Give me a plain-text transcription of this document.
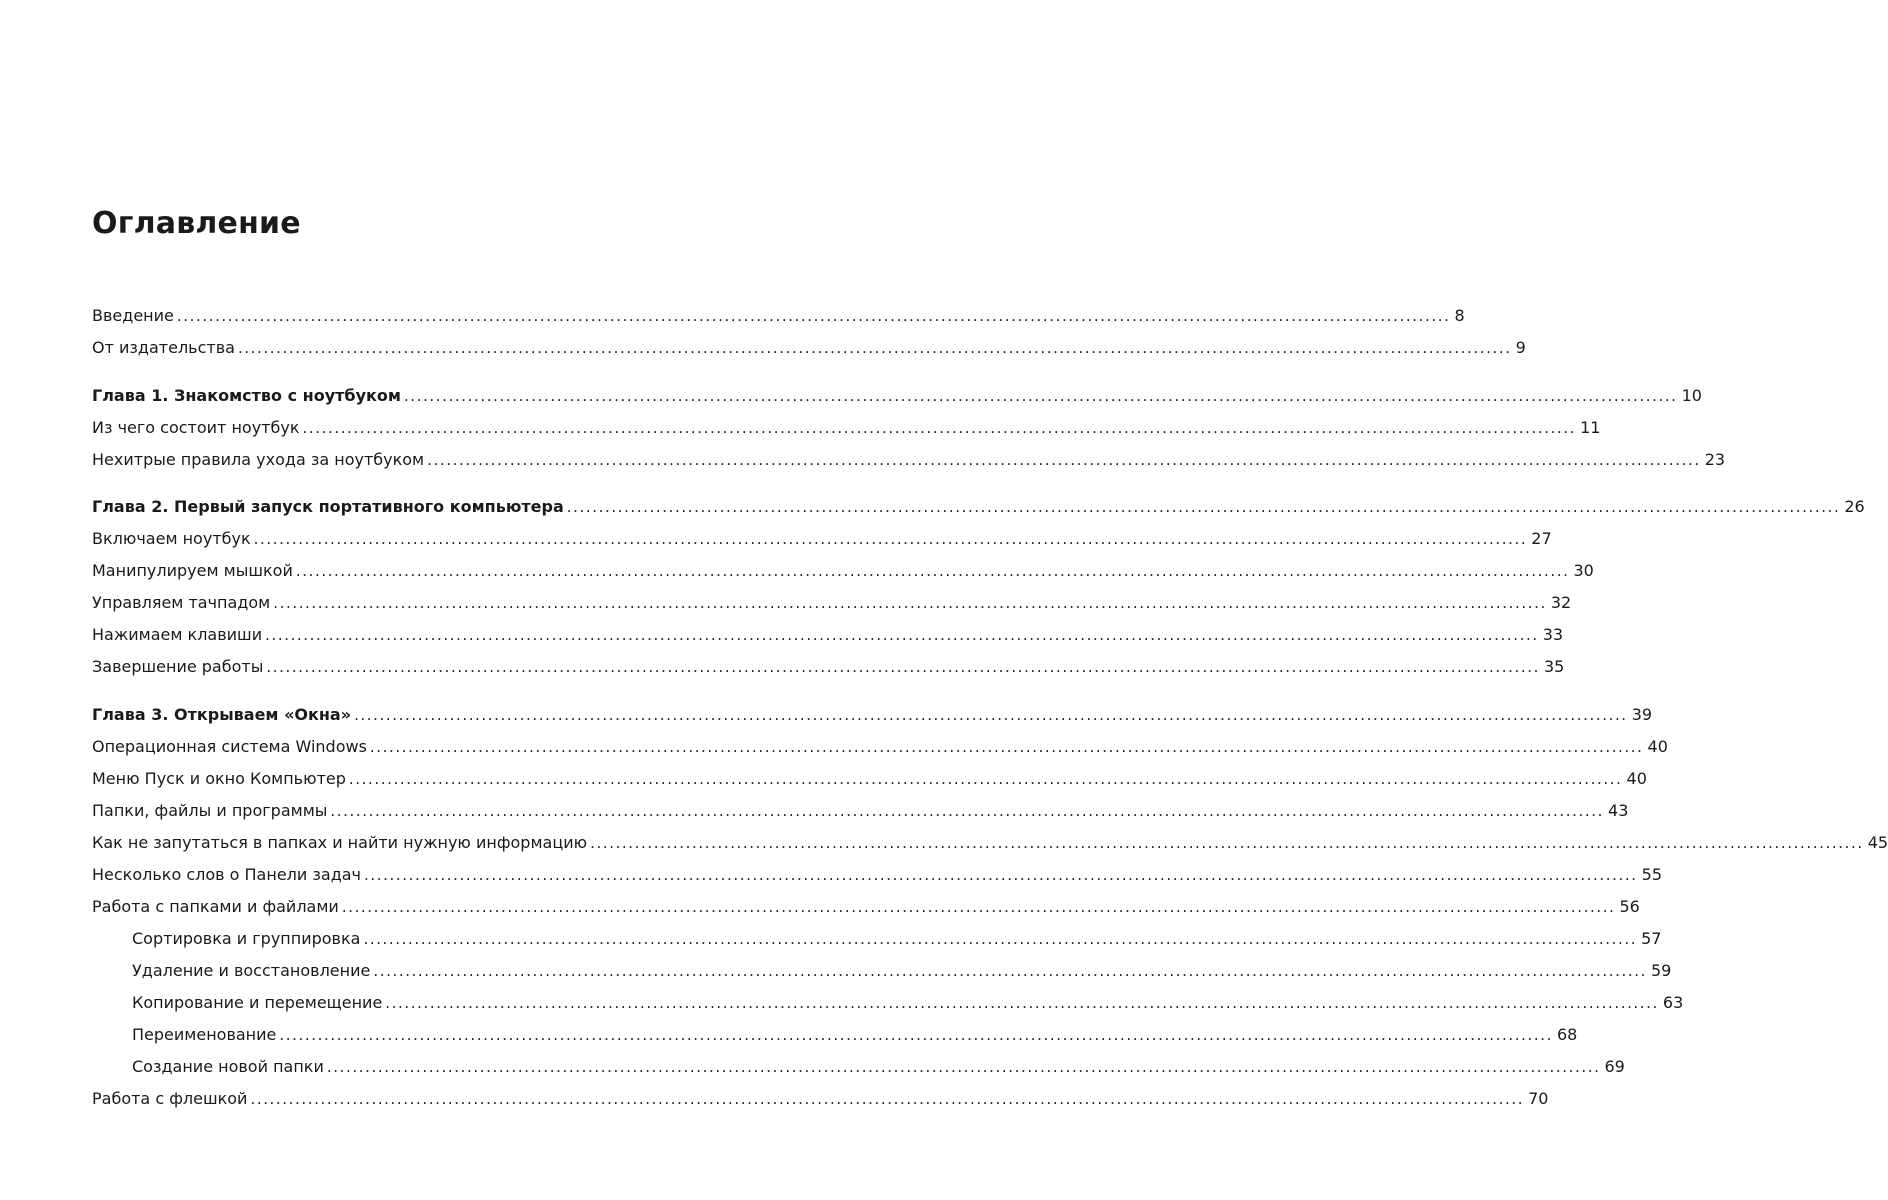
Оглавление
Введение ........................................................................................................................................................................................................ 8
От издательства ........................................................................................................................................................................................................ 9
Глава 1. Знакомство с ноутбуком ........................................................................................................................................................................................................ 10
Из чего состоит ноутбук ........................................................................................................................................................................................................ 11
Нехитрые правила ухода за ноутбуком ........................................................................................................................................................................................................ 23
Глава 2. Первый запуск портативного компьютера ........................................................................................................................................................................................................ 26
Включаем ноутбук ........................................................................................................................................................................................................ 27
Манипулируем мышкой ........................................................................................................................................................................................................ 30
Управляем тачпадом ........................................................................................................................................................................................................ 32
Нажимаем клавиши ........................................................................................................................................................................................................ 33
Завершение работы ........................................................................................................................................................................................................ 35
Глава 3. Открываем «Окна» ........................................................................................................................................................................................................ 39
Операционная система Windows ........................................................................................................................................................................................................ 40
Меню Пуск и окно Компьютер ........................................................................................................................................................................................................ 40
Папки, файлы и программы ........................................................................................................................................................................................................ 43
Как не запутаться в папках и найти нужную информацию ........................................................................................................................................................................................................ 45
Несколько слов о Панели задач ........................................................................................................................................................................................................ 55
Работа с папками и файлами ........................................................................................................................................................................................................ 56
Сортировка и группировка ........................................................................................................................................................................................................ 57
Удаление и восстановление ........................................................................................................................................................................................................ 59
Копирование и перемещение ........................................................................................................................................................................................................ 63
Переименование ........................................................................................................................................................................................................ 68
Создание новой папки ........................................................................................................................................................................................................ 69
Работа с флешкой ........................................................................................................................................................................................................ 70
